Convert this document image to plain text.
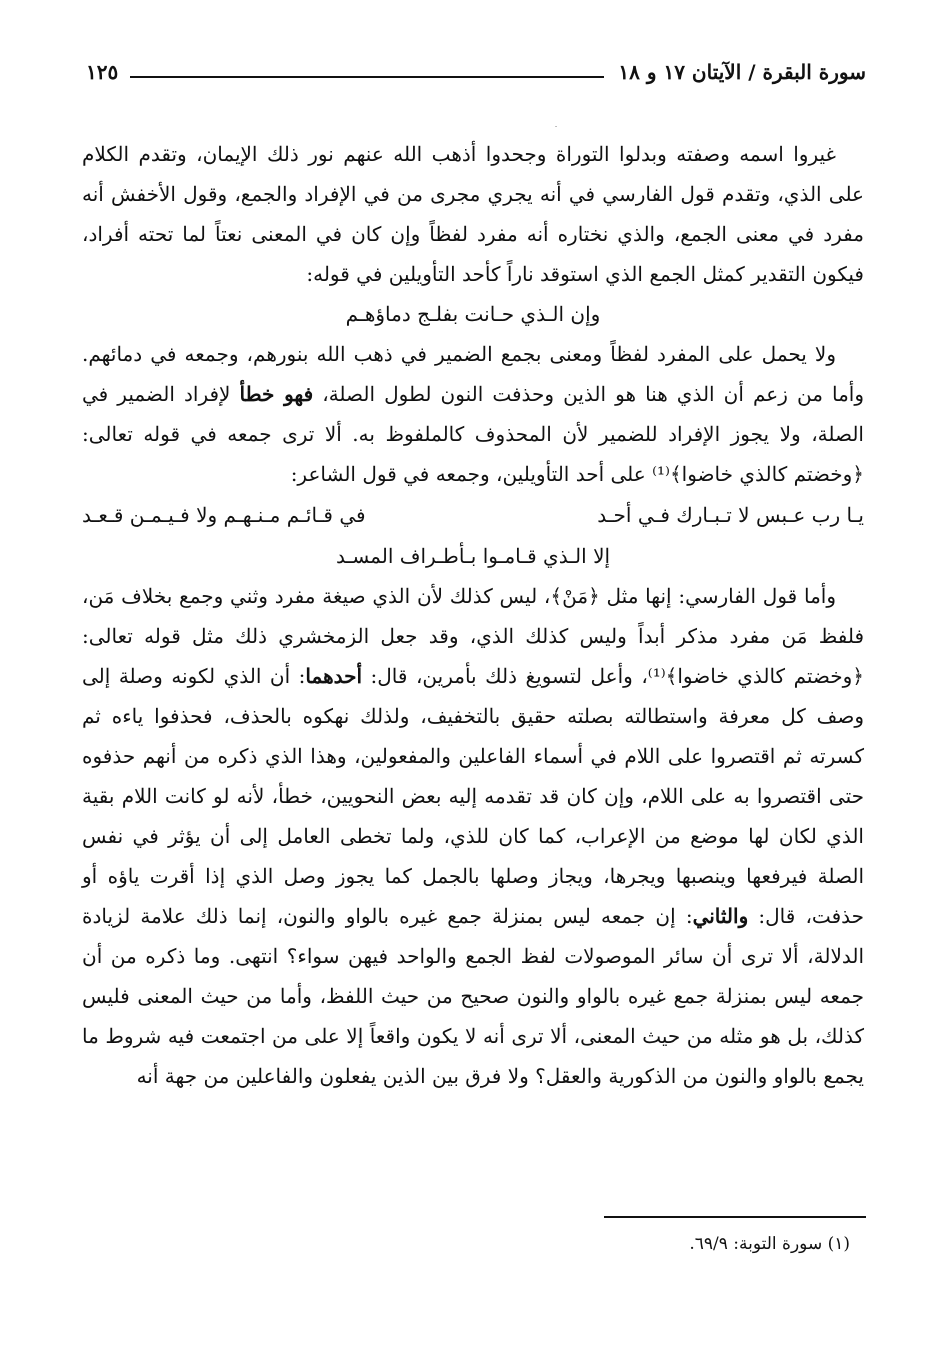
سورة البقرة / الآيتان ١٧ و ١٨
١٢٥

غيروا اسمه وصفته وبدلوا التوراة وجحدوا أذهب الله عنهم نور ذلك الإيمان، وتقدم الكلام على الذي، وتقدم قول الفارسي في أنه يجري مجرى من في الإفراد والجمع، وقول الأخفش أنه مفرد في معنى الجمع، والذي نختاره أنه مفرد لفظاً وإن كان في المعنى نعتاً لما تحته أفراد، فيكون التقدير كمثل الجمع الذي استوقد ناراً كأحد التأويلين في قوله:

وإن الـذي حـانت بفلـج دماؤهـم

ولا يحمل على المفرد لفظاً ومعنى بجمع الضمير في ذهب الله بنورهم، وجمعه في دمائهم. وأما من زعم أن الذي هنا هو الذين وحذفت النون لطول الصلة، فهو خطأ لإفراد الضمير في الصلة، ولا يجوز الإفراد للضمير لأن المحذوف كالملفوظ به. ألا ترى جمعه في قوله تعالى: ﴿وخضتم كالذي خاضوا﴾⁽¹⁾ على أحد التأويلين، وجمعه في قول الشاعر:

يـا رب عـبس لا تـبـارك فـي أحـد
في قـائـم مـنـهـم ولا فـيـمـن قـعـد
إلا الـذي قـامـوا بـأطـراف المسـد

وأما قول الفارسي: إنها مثل ﴿مَنْ﴾، ليس كذلك لأن الذي صيغة مفرد وثني وجمع بخلاف مَن، فلفظ مَن مفرد مذكر أبداً وليس كذلك الذي، وقد جعل الزمخشري ذلك مثل قوله تعالى: ﴿وخضتم كالذي خاضوا﴾⁽¹⁾، وأعل لتسويغ ذلك بأمرين، قال: أحدهما: أن الذي لكونه وصلة إلى وصف كل معرفة واستطالته بصلته حقيق بالتخفيف، ولذلك نهكوه بالحذف، فحذفوا ياءه ثم كسرته ثم اقتصروا على اللام في أسماء الفاعلين والمفعولين، وهذا الذي ذكره من أنهم حذفوه حتى اقتصروا به على اللام، وإن كان قد تقدمه إليه بعض النحويين، خطأ، لأنه لو كانت اللام بقية الذي لكان لها موضع من الإعراب، كما كان للذي، ولما تخطى العامل إلى أن يؤثر في نفس الصلة فيرفعها وينصبها ويجرها، ويجاز وصلها بالجمل كما يجوز وصل الذي إذا أقرت ياؤه أو حذفت، قال: والثاني: إن جمعه ليس بمنزلة جمع غيره بالواو والنون، إنما ذلك علامة لزيادة الدلالة، ألا ترى أن سائر الموصولات لفظ الجمع والواحد فيهن سواء؟ انتهى. وما ذكره من أن جمعه ليس بمنزلة جمع غيره بالواو والنون صحيح من حيث اللفظ، وأما من حيث المعنى فليس كذلك، بل هو مثله من حيث المعنى، ألا ترى أنه لا يكون واقعاً إلا على من اجتمعت فيه شروط ما يجمع بالواو والنون من الذكورية والعقل؟ ولا فرق بين الذين يفعلون والفاعلين من جهة أنه

(١) سورة التوبة: ٦٩/٩.
